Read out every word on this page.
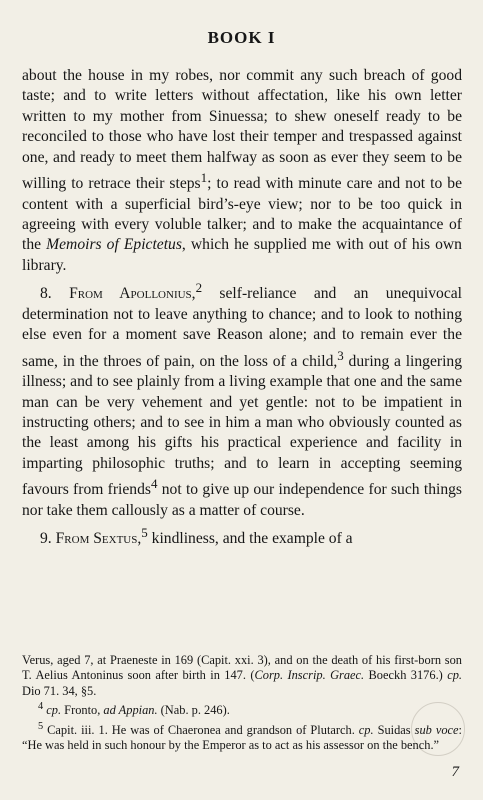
BOOK I

about the house in my robes, nor commit any such breach of good taste; and to write letters without affectation, like his own letter written to my mother from Sinuessa; to shew oneself ready to be reconciled to those who have lost their temper and trespassed against one, and ready to meet them halfway as soon as ever they seem to be willing to retrace their steps$^1$; to read with minute care and not to be content with a superficial bird’s-eye view; nor to be too quick in agreeing with every voluble talker; and to make the acquaintance of the Memoirs of Epictetus, which he supplied me with out of his own library.

8. From Apollonius,$^2$ self-reliance and an unequivocal determination not to leave anything to chance; and to look to nothing else even for a moment save Reason alone; and to remain ever the same, in the throes of pain, on the loss of a child,$^3$ during a lingering illness; and to see plainly from a living example that one and the same man can be very vehement and yet gentle: not to be impatient in instructing others; and to see in him a man who obviously counted as the least among his gifts his practical experience and facility in imparting philosophic truths; and to learn in accepting seeming favours from friends$^4$ not to give up our independence for such things nor take them callously as a matter of course.

9. From Sextus,$^5$ kindliness, and the example of a

Verus, aged 7, at Praeneste in 169 (Capit. xxi. 3), and on the death of his first-born son T. Aelius Antoninus soon after birth in 147. (Corp. Inscrip. Graec. Boeckh 3176.) cp. Dio 71. 34, §5.

$^4$ cp. Fronto, ad Appian. (Nab. p. 246).

$^5$ Capit. iii. 1. He was of Chaeronea and grandson of Plutarch. cp. Suidas sub voce: “He was held in such honour by the Emperor as to act as his assessor on the bench.”

7
